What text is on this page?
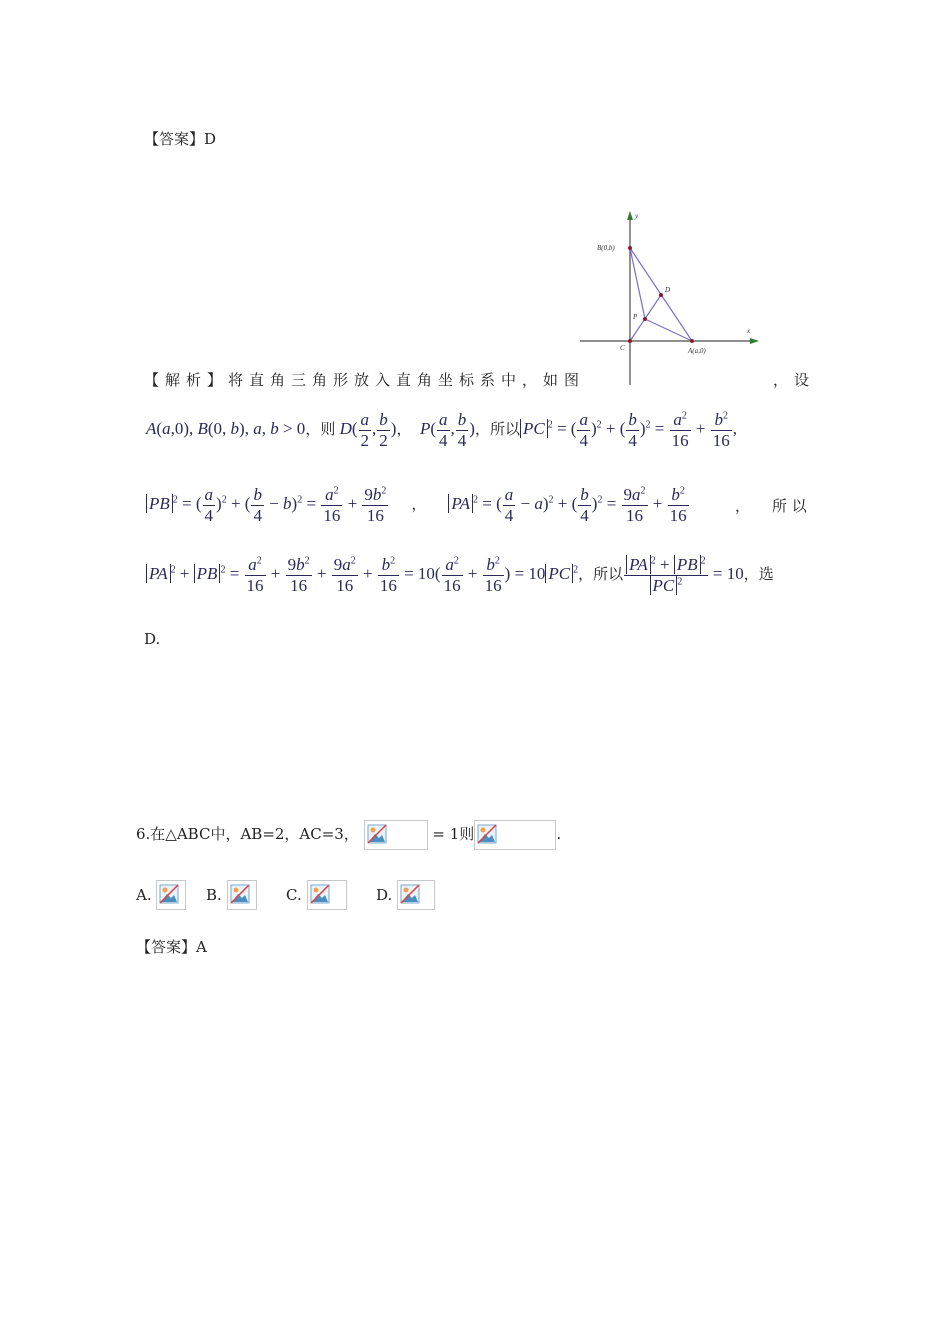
【答案】D
y
x
B(0,b)
D
P
C	A(a,0)
【解析】将直角三角形放入直角坐标系中，如图	，设
A(a,0), B(0, b), a, b > 0，则 $D( \frac{a}{2}$ , $\frac{b}{2}$ )， $P( \frac{a}{4}$ , $\frac{b}{4}$ )，所以 PC $^2$ = ( $\frac{a}{4} )^2$ + ( $\frac{b}{4} )^2 = \frac{a^2}{16} + \frac{b^2}{16}$ ,
PB $^2$ = ( $\frac{a}{4} )^2$ + ( $\frac{b}{4} - b)^2 = \frac{a^2}{16} + \frac{9b^2}{16}$ ， PA $^2$ = ( $\frac{a}{4} - a)^2$ + ( $\frac{b}{4} )^2 = \frac{9a^2}{16} + \frac{b^2}{16}$	， 所 以
PA $^2$ + PB $^2 = \frac{a^2}{16} + \frac{9b^2}{16} + \frac{9a^2}{16} + \frac{b^2}{16} = 10( \frac{a^2}{16} + \frac{b^2}{16}$ ) = 10 PC $^2$，所以 $\frac{PA ^2 + PB ^2}{PC ^2} = 10$，选
D.
6.在△ABC中，AB=2，AC=3，	= 1则	.
A.	B.	C.	D.
【答案】A
